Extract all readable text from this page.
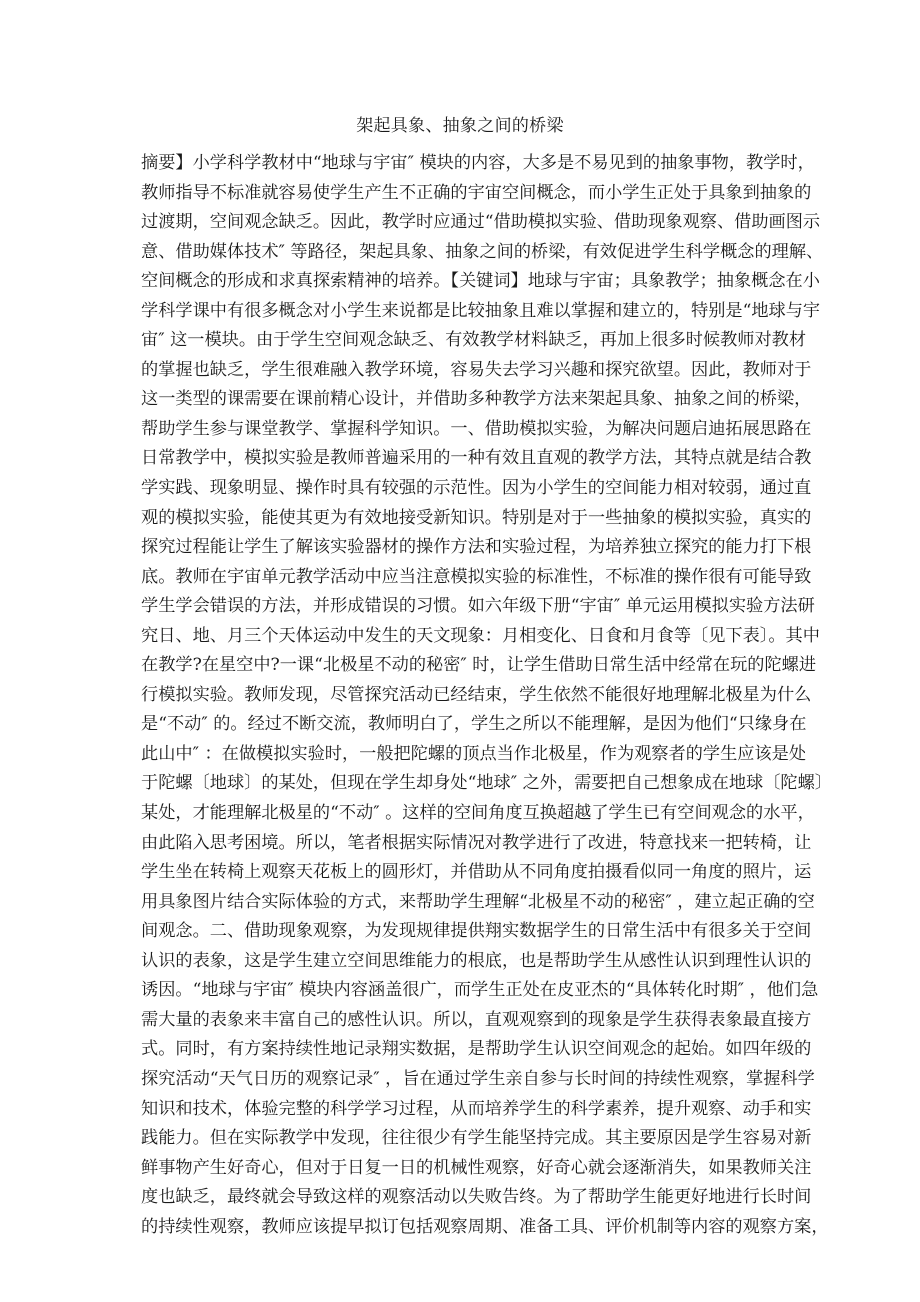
架起具象、抽象之间的桥梁
摘要】小学科学教材中“地球与宇宙″ 模块的内容，大多是不易见到的抽象事物，教学时，
教师指导不标准就容易使学生产生不正确的宇宙空间概念，而小学生正处于具象到抽象的
过渡期，空间观念缺乏。因此，教学时应通过“借助模拟实验、借助现象观察、借助画图示
意、借助媒体技术″ 等路径，架起具象、抽象之间的桥梁，有效促进学生科学概念的理解、
空间概念的形成和求真探索精神的培养。【关键词】地球与宇宙；具象教学；抽象概念在小
学科学课中有很多概念对小学生来说都是比较抽象且难以掌握和建立的，特别是“地球与宇
宙″ 这一模块。由于学生空间观念缺乏、有效教学材料缺乏，再加上很多时候教师对教材
的掌握也缺乏，学生很难融入教学环境，容易失去学习兴趣和探究欲望。因此，教师对于
这一类型的课需要在课前精心设计，并借助多种教学方法来架起具象、抽象之间的桥梁，
帮助学生参与课堂教学、掌握科学知识。一、借助模拟实验，为解决问题启迪拓展思路在
日常教学中，模拟实验是教师普遍采用的一种有效且直观的教学方法，其特点就是结合教
学实践、现象明显、操作时具有较强的示范性。因为小学生的空间能力相对较弱，通过直
观的模拟实验，能使其更为有效地接受新知识。特别是对于一些抽象的模拟实验，真实的
探究过程能让学生了解该实验器材的操作方法和实验过程，为培养独立探究的能力打下根
底。教师在宇宙单元教学活动中应当注意模拟实验的标准性，不标准的操作很有可能导致
学生学会错误的方法，并形成错误的习惯。如六年级下册“宇宙″ 单元运用模拟实验方法研
究日、地、月三个天体运动中发生的天文现象：月相变化、日食和月食等〔见下表〕。其中
在教学?在星空中?一课“北极星不动的秘密″ 时，让学生借助日常生活中经常在玩的陀螺进
行模拟实验。教师发现，尽管探究活动已经结束，学生依然不能很好地理解北极星为什么
是“不动″ 的。经过不断交流，教师明白了，学生之所以不能理解，是因为他们“只缘身在
此山中″ ：在做模拟实验时，一般把陀螺的顶点当作北极星，作为观察者的学生应该是处
于陀螺〔地球〕的某处，但现在学生却身处“地球″ 之外，需要把自己想象成在地球〔陀螺〕
某处，才能理解北极星的“不动″ 。这样的空间角度互换超越了学生已有空间观念的水平，
由此陷入思考困境。所以，笔者根据实际情况对教学进行了改进，特意找来一把转椅，让
学生坐在转椅上观察天花板上的圆形灯，并借助从不同角度拍摄看似同一角度的照片，运
用具象图片结合实际体验的方式，来帮助学生理解“北极星不动的秘密″ ，建立起正确的空
间观念。二、借助现象观察，为发现规律提供翔实数据学生的日常生活中有很多关于空间
认识的表象，这是学生建立空间思维能力的根底，也是帮助学生从感性认识到理性认识的
诱因。“地球与宇宙″ 模块内容涵盖很广，而学生正处在皮亚杰的“具体转化时期″ ，他们急
需大量的表象来丰富自己的感性认识。所以，直观观察到的现象是学生获得表象最直接方
式。同时，有方案持续性地记录翔实数据，是帮助学生认识空间观念的起始。如四年级的
探究活动“天气日历的观察记录″ ，旨在通过学生亲自参与长时间的持续性观察，掌握科学
知识和技术，体验完整的科学学习过程，从而培养学生的科学素养，提升观察、动手和实
践能力。但在实际教学中发现，往往很少有学生能坚持完成。其主要原因是学生容易对新
鲜事物产生好奇心，但对于日复一日的机械性观察，好奇心就会逐渐消失，如果教师关注
度也缺乏，最终就会导致这样的观察活动以失败告终。为了帮助学生能更好地进行长时间
的持续性观察，教师应该提早拟订包括观察周期、准备工具、评价机制等内容的观察方案，
